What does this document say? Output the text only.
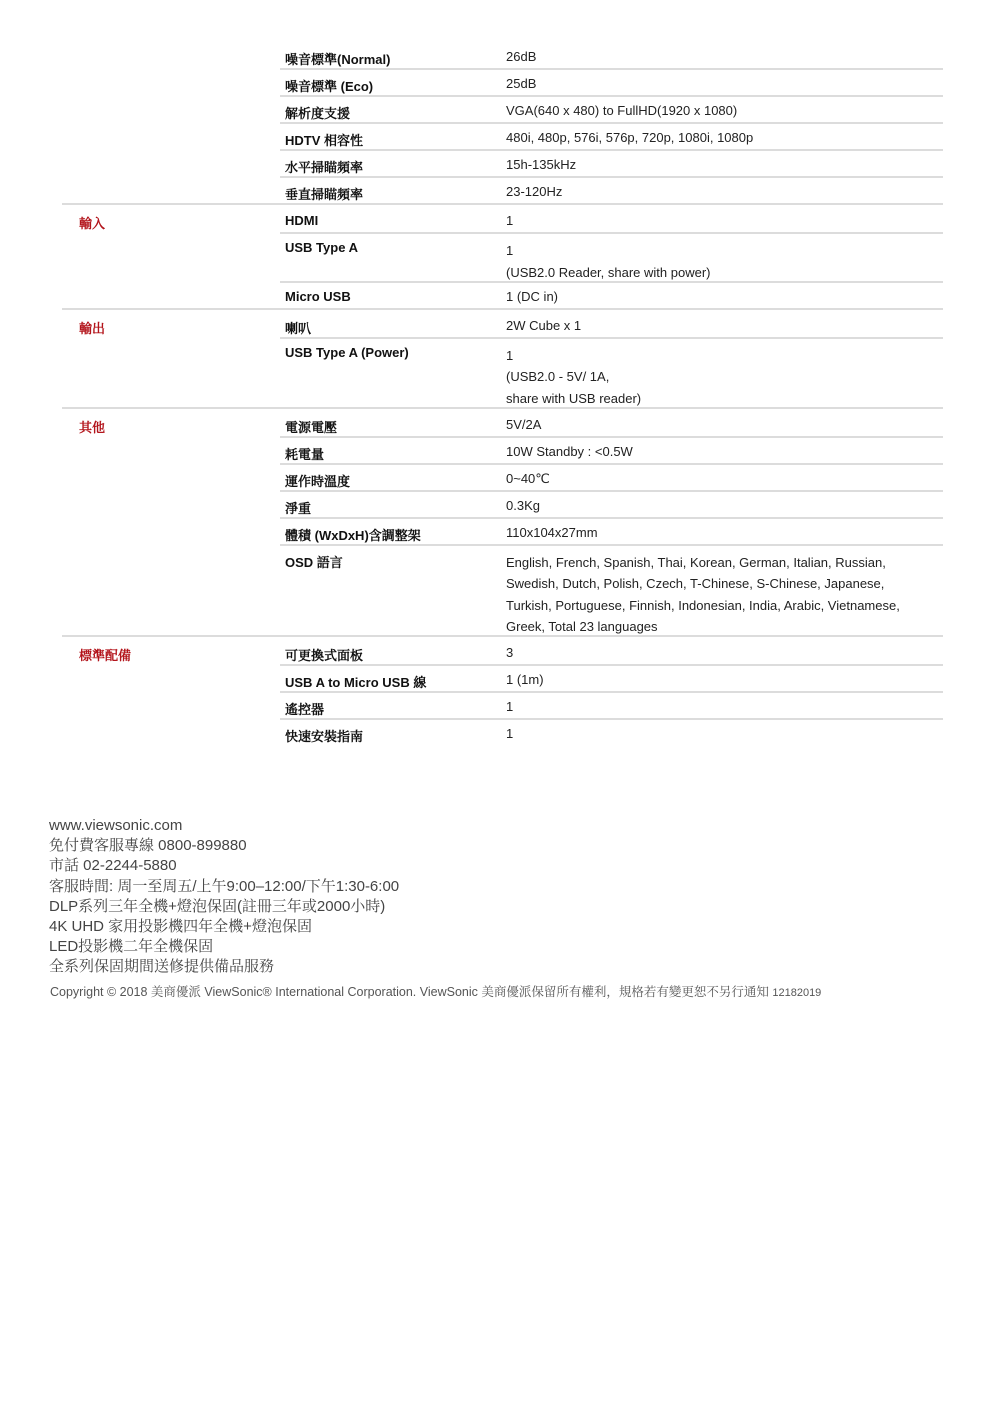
噪音標準(Normal)	26dB
噪音標準 (Eco)	25dB
解析度支援	VGA(640 x 480) to FullHD(1920 x 1080)
HDTV 相容性	480i, 480p, 576i, 576p, 720p, 1080i, 1080p
水平掃瞄頻率	15h-135kHz
垂直掃瞄頻率	23-120Hz
輸入	HDMI	1
USB Type A	1
(USB2.0 Reader, share with power)
Micro USB	1 (DC in)
輸出	喇叭	2W Cube x 1
USB Type A (Power)	1
(USB2.0 - 5V/ 1A,
share with USB reader)
其他	電源電壓	5V/2A
耗電量	10W Standby : <0.5W
運作時溫度	0~40℃
淨重	0.3Kg
體積 (WxDxH)含調整架	110x104x27mm
OSD 語言	English, French, Spanish, Thai, Korean, German, Italian, Russian,
Swedish, Dutch, Polish, Czech, T-Chinese, S-Chinese, Japanese,
Turkish, Portuguese, Finnish, Indonesian, India, Arabic, Vietnamese,
Greek, Total 23 languages
標準配備	可更換式面板	3
USB A to Micro USB 線	1 (1m)
遙控器	1
快速安裝指南	1
www.viewsonic.com
免付費客服專線 0800-899880
市話 02-2244-5880
客服時間: 周一至周五/上午9:00–12:00/下午1:30-6:00
DLP系列三年全機+燈泡保固(註冊三年或2000小時)
4K UHD 家用投影機四年全機+燈泡保固
LED投影機二年全機保固
全系列保固期間送修提供備品服務
Copyright © 2018 美商優派 ViewSonic® International Corporation. ViewSonic 美商優派保留所有權利，規格若有變更恕不另行通知 12182019
